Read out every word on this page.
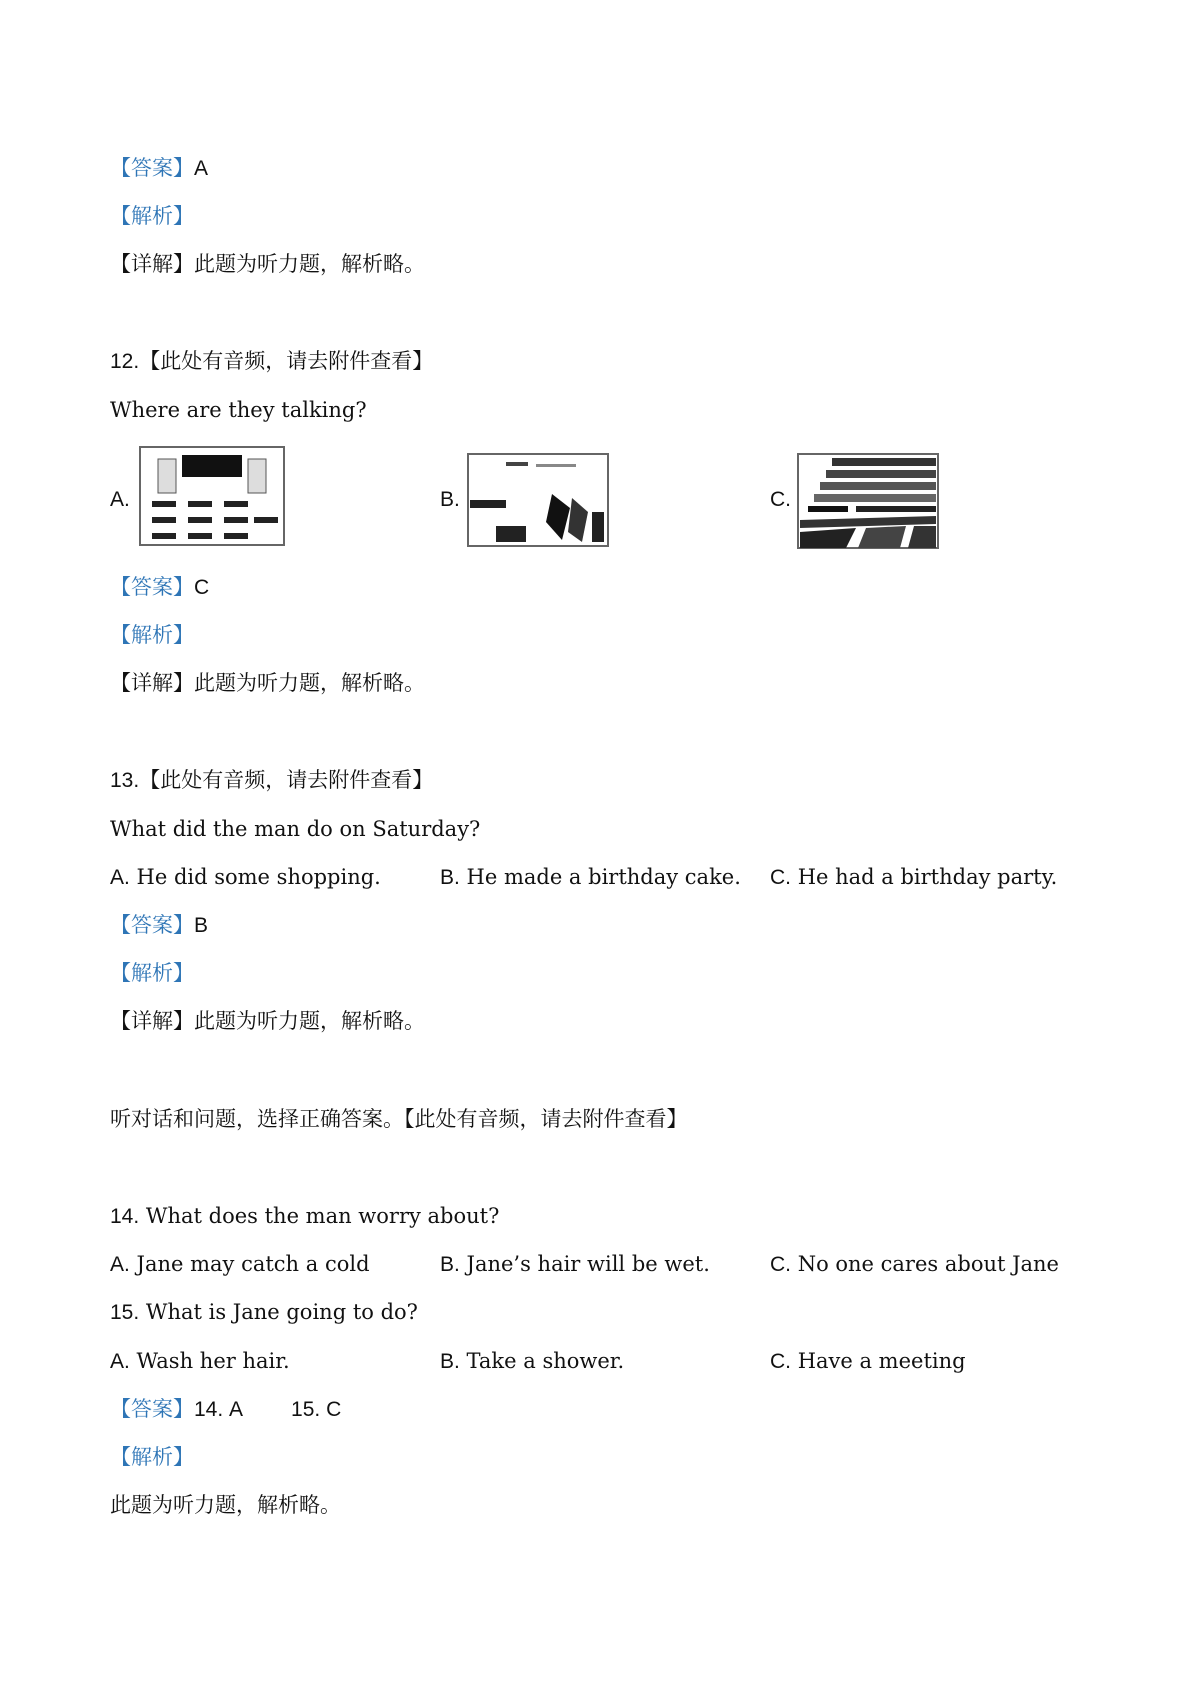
【答案】A
【解析】
【详解】此题为听力题，解析略。
12.【此处有音频，请去附件查看】
Where are they talking?
A.	B.	C.
【答案】C
【解析】
【详解】此题为听力题，解析略。
13.【此处有音频，请去附件查看】
What did the man do on Saturday?
A. He did some shopping.	B. He made a birthday cake. C. He had a birthday party.
【答案】B
【解析】
【详解】此题为听力题，解析略。
听对话和问题，选择正确答案。【此处有音频，请去附件查看】
14. What does the man worry about?
A. Jane may catch a cold	B. Jane’s hair will be wet.	C. No one cares about Jane
15. What is Jane going to do?
A. Wash her hair.	B. Take a shower.	C. Have a meeting
【答案】14. A 15. C
【解析】
此题为听力题，解析略。
